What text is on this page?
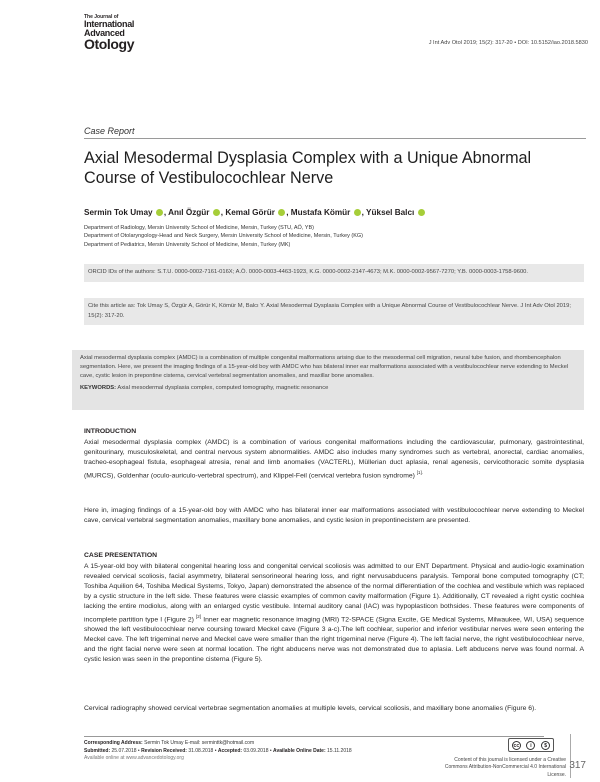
The Journal of
International Advanced
Otology	J Int Adv Otol 2019; 15(2): 317-20 • DOI: 10.5152/iao.2018.5830
Case Report
Axial Mesodermal Dysplasia Complex with a Unique Abnormal Course of Vestibulocochlear Nerve
Sermin Tok Umay , Anıl Özgür , Kemal Görür , Mustafa Kömür , Yüksel Balcı
Department of Radiology, Mersin University School of Medicine, Mersin, Turkey (STU, AÖ, YB)
Department of Otolaryngology-Head and Neck Surgery, Mersin University School of Medicine, Mersin, Turkey (KG)
Department of Pediatrics, Mersin University School of Medicine, Mersin, Turkey (MK)
ORCID IDs of the authors: S.T.U. 0000-0002-7161-016X; A.Ö. 0000-0003-4463-1923, K.G. 0000-0002-2147-4673; M.K. 0000-0002-9567-7270; Y.B. 0000-0003-1758-9600.
Cite this article as: Tok Umay S, Özgür A, Görür K, Kömür M, Balcı Y. Axial Mesodermal Dysplasia Complex with a Unique Abnormal Course of Vestibulocochlear Nerve. J Int Adv Otol 2019; 15(2): 317-20.
Axial mesodermal dysplasia complex (AMDC) is a combination of multiple congenital malformations arising due to the mesodermal cell migration, neural tube fusion, and rhombencephalon segmentation. Here, we present the imaging findings of a 15-year-old boy with AMDC who has bilateral inner ear malformations associated with a vestibulocochlear nerve extending to Meckel cave, cystic lesion in prepontine cisterna, cervical vertebral segmentation anomalies, and maxillar bone anomalies.
KEYWORDS: Axial mesodermal dysplasia complex, computed tomography, magnetic resonance
INTRODUCTION
Axial mesodermal dysplasia complex (AMDC) is a combination of various congenital malformations including the cardiovascular, pulmonary, gastrointestinal, genitourinary, musculoskeletal, and central nervous system abnormalities. AMDC also includes many syndromes such as vertebral, anorectal, cardiac anomalies, tracheo-esophageal fistula, esophageal atresia, renal and limb anomalies (VACTERL), Müllerian duct aplasia, renal agenesis, cervicothoracic somite dysplasia (MURCS), Goldenhar (oculo-auriculo-vertebral spectrum), and Klippel-Feil (cervical vertebra fusion syndrome) $^{[1].}$
Here in, imaging findings of a 15-year-old boy with AMDC who has bilateral inner ear malformations associated with vestibulocochlear nerve extending to Meckel cave, cervical vertebral segmentation anomalies, maxillary bone anomalies, and cystic lesion in prepontinecistern are presented.
CASE PRESENTATION
A 15-year-old boy with bilateral congenital hearing loss and congenital cervical scoliosis was admitted to our ENT Department. Physical and audio-logic examination revealed cervical scoliosis, facial asymmetry, bilateral sensorineoral hearing loss, and right nervusabducens paralysis. Temporal bone computed tomography (CT; Toshiba Aquilion 64, Toshiba Medical Systems, Tokyo, Japan) demonstrated the absence of the normal differentiation of the cochlea and vestibule which was replaced by a cystic structure in the left side. These features were classic examples of common cavity malformation (Figure 1). Additionally, CT revealed a right cystic cochlea lacking the entire modiolus, along with an enlarged cystic vestibule. Internal auditory canal (IAC) was hypoplasticon bothsides. These features were components of incomplete partition type I (Figure 2) [2] Inner ear magnetic resonance imaging (MRI) T2-SPACE (Signa Excite, GE Medical Systems, Milwaukee, WI, USA) sequence showed the left vestibulocochlear nerve coursing toward Meckel cave (Figure 3 a-c).The left cochlear, superior and inferior vestibular nerves were seen entering the Meckel cave. The left trigeminal nerve and Meckel cave were smaller than the right trigeminal nerve (Figure 4). The left facial nerve, the right vestibulocochlear nerve, and the right facial nerve were seen at normal location. The right abducens nerve was not demonstrated due to aplasia. Left abducens nerve was found normal. A cystic lesion was seen in the prepontine cisterna (Figure 5).
Cervical radiography showed cervical vertebrae segmentation anomalies at multiple levels, cervical scoliosis, and maxillary bone anomalies (Figure 6).
Corresponding Address: Sermin Tok Umay E-mail: serminttk@hotmail.com
Submitted: 25.07.2018 • Revision Received: 31.08.2018 • Accepted: 03.09.2018 • Available Online Date: 15.11.2018
Available online at www.advancedotology.org
cc	i	$
Content of this journal is licensed under a Creative Commons Attribution-NonCommercial 4.0 International License.
317
